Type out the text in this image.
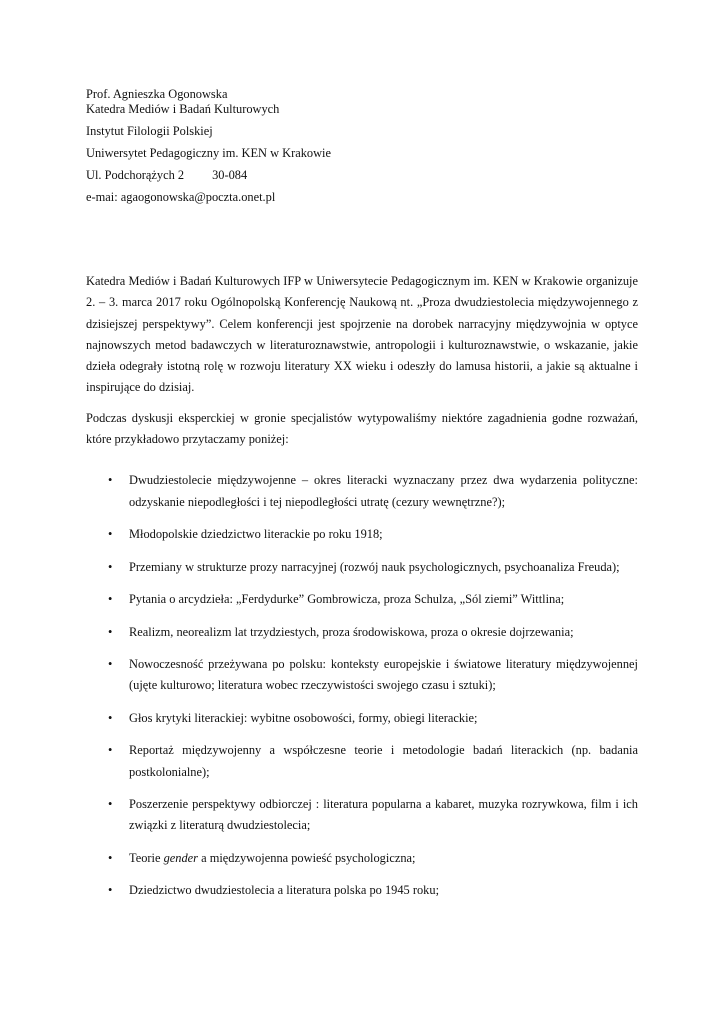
Prof. Agnieszka Ogonowska
Katedra Mediów i Badań Kulturowych
Instytut Filologii Polskiej
Uniwersytet Pedagogiczny im. KEN w Krakowie
Ul. Podchorążych 2 30-084
e-mai: agaogonowska@poczta.onet.pl

Katedra Mediów i Badań Kulturowych IFP w Uniwersytecie Pedagogicznym im. KEN w Krakowie organizuje 2. – 3. marca 2017 roku Ogólnopolską Konferencję Naukową nt. „Proza dwudziestolecia międzywojennego z dzisiejszej perspektywy”. Celem konferencji jest spojrzenie na dorobek narracyjny międzywojnia w optyce najnowszych metod badawczych w literaturoznawstwie, antropologii i kulturoznawstwie, o wskazanie, jakie dzieła odegrały istotną rolę w rozwoju literatury XX wieku i odeszły do lamusa historii, a jakie są aktualne i inspirujące do dzisiaj.

Podczas dyskusji eksperckiej w gronie specjalistów wytypowaliśmy niektóre zagadnienia godne rozważań, które przykładowo przytaczamy poniżej:

• Dwudziestolecie międzywojenne – okres literacki wyznaczany przez dwa wydarzenia polityczne: odzyskanie niepodległości i tej niepodległości utratę (cezury wewnętrzne?);
• Młodopolskie dziedzictwo literackie po roku 1918;
• Przemiany w strukturze prozy narracyjnej (rozwój nauk psychologicznych, psychoanaliza Freuda);
• Pytania o arcydzieła: „Ferdydurke” Gombrowicza, proza Schulza, „Sól ziemi” Wittlina;
• Realizm, neorealizm lat trzydziestych, proza środowiskowa, proza o okresie dojrzewania;
• Nowoczesność przeżywana po polsku: konteksty europejskie i światowe literatury międzywojennej (ujęte kulturowo; literatura wobec rzeczywistości swojego czasu i sztuki);
• Głos krytyki literackiej: wybitne osobowości, formy, obiegi literackie;
• Reportaż międzywojenny a współczesne teorie i metodologie badań literackich (np. badania postkolonialne);
• Poszerzenie perspektywy odbiorczej : literatura popularna a kabaret, muzyka rozrywkowa, film i ich związki z literaturą dwudziestolecia;
• Teorie gender a międzywojenna powieść psychologiczna;
• Dziedzictwo dwudziestolecia a literatura polska po 1945 roku;
